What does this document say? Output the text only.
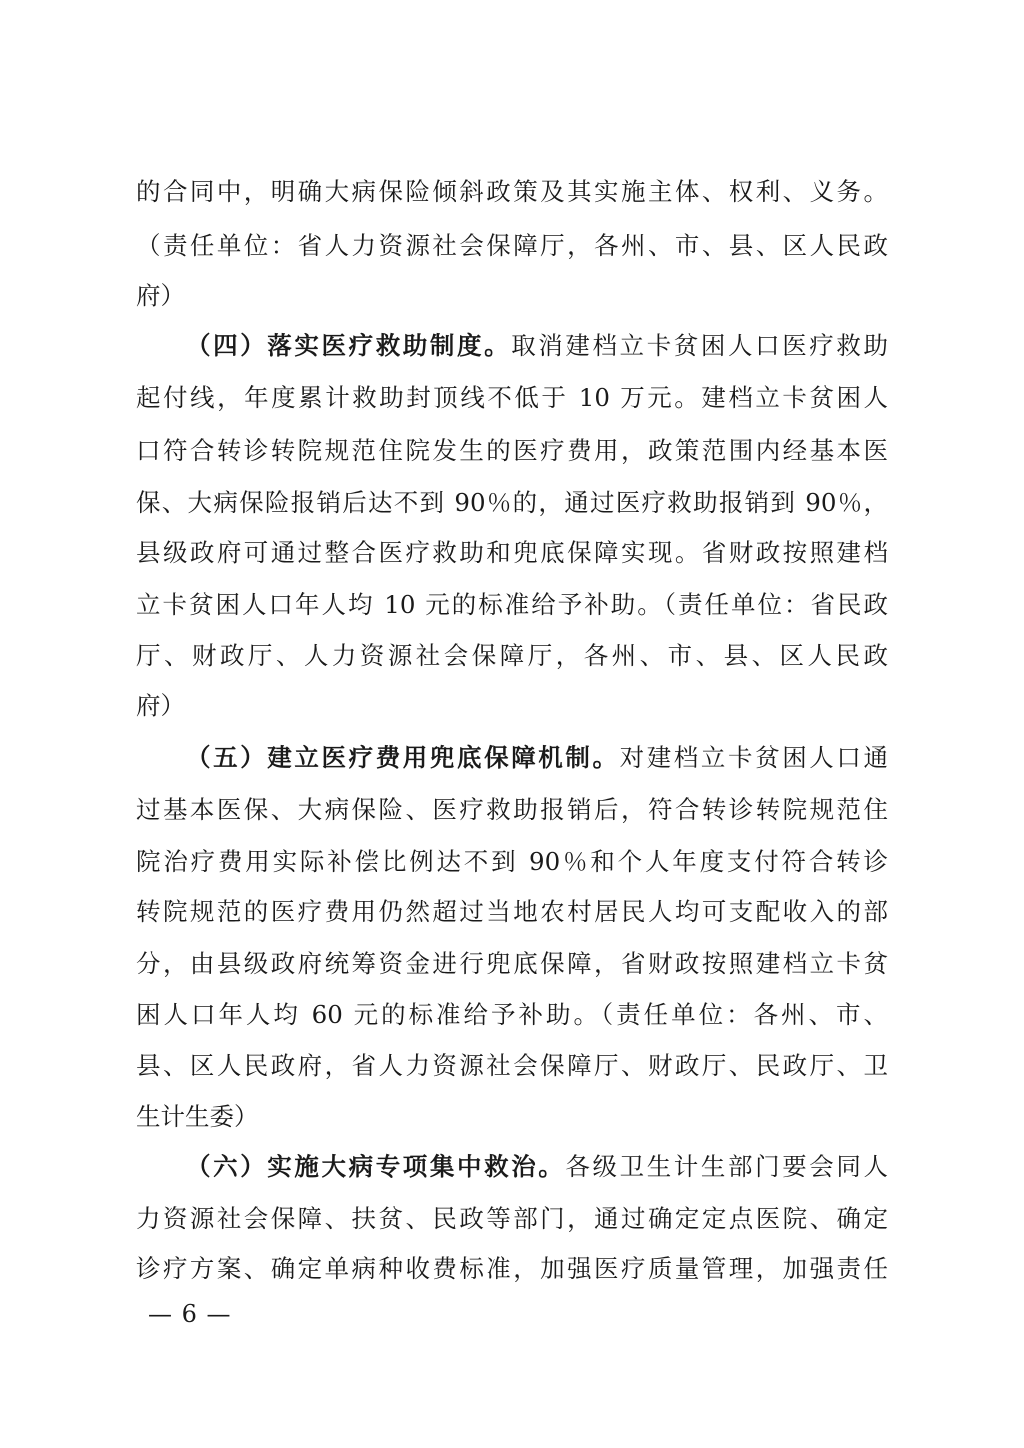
的合同中，明确大病保险倾斜政策及其实施主体、权利、义务。
（责任单位：省人力资源社会保障厅，各州、市、县、区人民政
府）
（四）落实医疗救助制度。取消建档立卡贫困人口医疗救助
起付线，年度累计救助封顶线不低于 10 万元。建档立卡贫困人
口符合转诊转院规范住院发生的医疗费用，政策范围内经基本医
保、大病保险报销后达不到 90％的，通过医疗救助报销到 90％，
县级政府可通过整合医疗救助和兜底保障实现。省财政按照建档
立卡贫困人口年人均 10 元的标准给予补助。（责任单位：省民政
厅、财政厅、人力资源社会保障厅，各州、市、县、区人民政
府）
（五）建立医疗费用兜底保障机制。对建档立卡贫困人口通
过基本医保、大病保险、医疗救助报销后，符合转诊转院规范住
院治疗费用实际补偿比例达不到 90％和个人年度支付符合转诊
转院规范的医疗费用仍然超过当地农村居民人均可支配收入的部
分，由县级政府统筹资金进行兜底保障，省财政按照建档立卡贫
困人口年人均 60 元的标准给予补助。（责任单位：各州、市、
县、区人民政府，省人力资源社会保障厅、财政厅、民政厅、卫
生计生委）
（六）实施大病专项集中救治。各级卫生计生部门要会同人
力资源社会保障、扶贫、民政等部门，通过确定定点医院、确定
诊疗方案、确定单病种收费标准，加强医疗质量管理，加强责任
— 6 —
